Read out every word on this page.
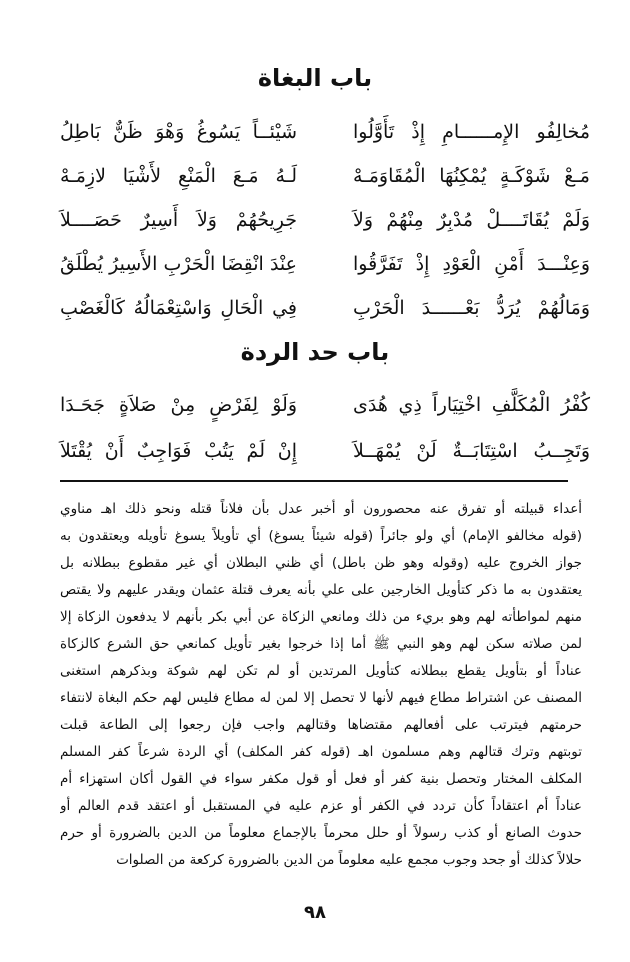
باب البغاة
مُخالِفُو الإِمــــــامِ إِذْ تَأَوَّلُوا
شَيْئــاً يَسُوغُ وَهْوَ ظَنٌّ بَاطِلُ
مَـعْ شَوْكَـةٍ يُمْكِنُهَا الْمُقَاوَمَـهْ
لَـهُ مَـعَ الْمَنْعِ لأَشْيَا لازِمَـهْ
وَلَمْ يُقَاتَــــلْ مُدْبِرٌ مِنْهُمْ وَلاَ
جَرِيحُهُمْ وَلاَ أَسِيرٌ حَصَــــلاَ
وَعِنْـــدَ أَمْنِ الْعَوْدِ إِذْ تَفَرَّقُوا
عِنْدَ انْقِضَا الْحَرْبِ الأَسِيرُ يُطْلَقُ
وَمَالُهُمْ يُرَدُّ بَعْــــــدَ الْحَرْبِ
فِي الْحَالِ وَاسْتِعْمَالُهُ كَالْغَصْبِ
باب حد الردة
كُفْرُ الْمُكَلَّفِ اخْتِيَاراً ذِي هُدَى
وَلَوْ لِفَرْضٍ مِنْ صَلاَةٍ جَحَـدَا
وَتَجِــبُ اسْتِتَابَــةٌ لَنْ يُمْهَــلاَ
إِنْ لَمْ يَتُبْ فَوَاجِبٌ أَنْ يُقْتَلاَ
أعداء قبيلته أو تفرق عنه محصورون أو أخبر عدل بأن فلاناً قتله ونحو ذلك اهـ مناوي
(قوله مخالفو الإمام) أي ولو جائراً (قوله شيئاً يسوغ) أي تأويلاً يسوغ تأويله ويعتقدون به
جواز الخروج عليه (وقوله وهو ظن باطل) أي ظني البطلان أي غير مقطوع ببطلانه بل
يعتقدون به ما ذكر كتأويل الخارجين على علي بأنه يعرف قتلة عثمان ويقدر عليهم ولا يقتص
منهم لمواطأته لهم وهو بريء من ذلك ومانعي الزكاة عن أبي بكر بأنهم لا يدفعون الزكاة إلا
لمن صلاته سكن لهم وهو النبي ﷺ أما إذا خرجوا بغير تأويل كمانعي حق الشرع كالزكاة
عناداً أو بتأويل يقطع ببطلانه كتأويل المرتدين أو لم تكن لهم شوكة وبذكرهم استغنى
المصنف عن اشتراط مطاع فيهم لأنها لا تحصل إلا لمن له مطاع فليس لهم حكم البغاة لانتفاء
حرمتهم فيترتب على أفعالهم مقتضاها وقتالهم واجب فإن رجعوا إلى الطاعة قبلت
توبتهم وترك قتالهم وهم مسلمون اهـ (قوله كفر المكلف) أي الردة شرعاً كفر المسلم
المكلف المختار وتحصل بنية كفر أو فعل أو قول مكفر سواء في القول أكان استهزاء أم
عناداً أم اعتقاداً كأن تردد في الكفر أو عزم عليه في المستقبل أو اعتقد قدم العالم أو
حدوث الصانع أو كذب رسولاً أو حلل محرماً بالإجماع معلوماً من الدين بالضرورة أو حرم
حلالاً كذلك أو جحد وجوب مجمع عليه معلوماً من الدين بالضرورة كركعة من الصلوات
٩٨
